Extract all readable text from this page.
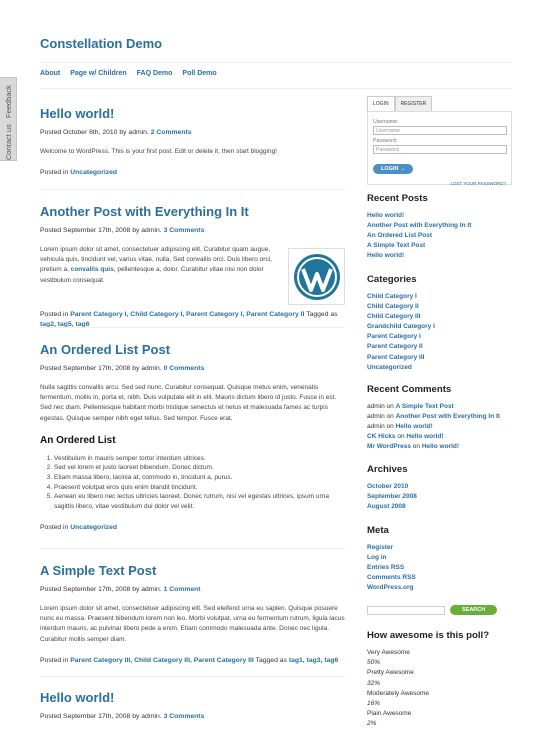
Feedback
Contact us
Constellation Demo
About Page w/ Children FAQ Demo Poll Demo
Hello world!
Posted October 6th, 2010 by admin. 2 Comments
Welcome to WordPress. This is your first post. Edit or delete it, then start blogging!
Posted in Uncategorized
Another Post with Everything In It
Posted September 17th, 2008 by admin. 3 Comments
Lorem ipsum dolor sit amet, consectetuer adipiscing elit. Curabitur quam augue, vehicula quis, tincidunt vel, varius vitae, nulla. Sed convallis orci. Duis libero orci, pretium a, convallis quis, pellentesque a, dolor. Curabitur vitae nisi non dolor vestibulum consequat.
Posted in Parent Category I, Child Category I, Parent Category I, Parent Category II Tagged as tag2, tag5, tag6
An Ordered List Post
Posted September 17th, 2008 by admin. 0 Comments
Nulla sagittis convallis arcu. Sed sed nunc. Curabitur consequat. Quisque metus enim, venenatis fermentum, mollis in, porta et, nibh. Duis vulputate elit in elit. Mauris dictum libero id justo. Fusce in est. Sed nec diam. Pellentesque habitant morbi tristique senectus et netus et malesuada fames ac turpis egestas. Quisque semper nibh eget tellus. Sed tempor. Fusce erat.
An Ordered List
1. Vestibulum in mauris semper tortor interdum ultrices.
2. Sed vel lorem et justo laoreet bibendum. Donec dictum.
3. Etiam massa libero, lacinia at, commodo in, tincidunt a, purus.
4. Praesent volutpat eros quis enim blandit tincidunt.
5. Aenean eu libero nec lectus ultricies laoreet. Donec rutrum, nisi vel egestas ultrices, ipsum urna sagittis libero, vitae vestibulum dui dolor vel velit.
Posted in Uncategorized
A Simple Text Post
Posted September 17th, 2008 by admin. 1 Comment
Lorem ipsum dolor sit amet, consectetuer adipiscing elit. Sed eleifend urna eu sapien. Quisque posuere nunc eu massa. Praesent bibendum lorem non leo. Morbi volutpat, urna eu fermentum rutrum, ligula lacus interdum mauris, ac pulvinar libero pede a enim. Etiam commodo malesuada ante. Donec nec ligula. Curabitur mollis semper diam.
Posted in Parent Category III, Child Category III, Parent Category III Tagged as tag1, tag3, tag6
Hello world!
Posted September 17th, 2008 by admin. 3 Comments
LOGIN	REGISTER
Username:
Username
Password:
Password
LOGIN →
LOST YOUR PASSWORD?
Recent Posts
Hello world!
Another Post with Everything In It
An Ordered List Post
A Simple Text Post
Hello world!
Categories
Child Category I
Child Category II
Child Category III
Grandchild Category I
Parent Category I
Parent Category II
Parent Category III
Uncategorized
Recent Comments
admin on A Simple Text Post
admin on Another Post with Everything In It
admin on Hello world!
CK Hicks on Hello world!
Mr WordPress on Hello world!
Archives
October 2010
September 2008
August 2008
Meta
Register
Log in
Entries RSS
Comments RSS
WordPress.org
SEARCH
How awesome is this poll?
Very Awesome
50%
Pretty Awesome
32%
Moderately Awesome
16%
Plain Awesome
2%
